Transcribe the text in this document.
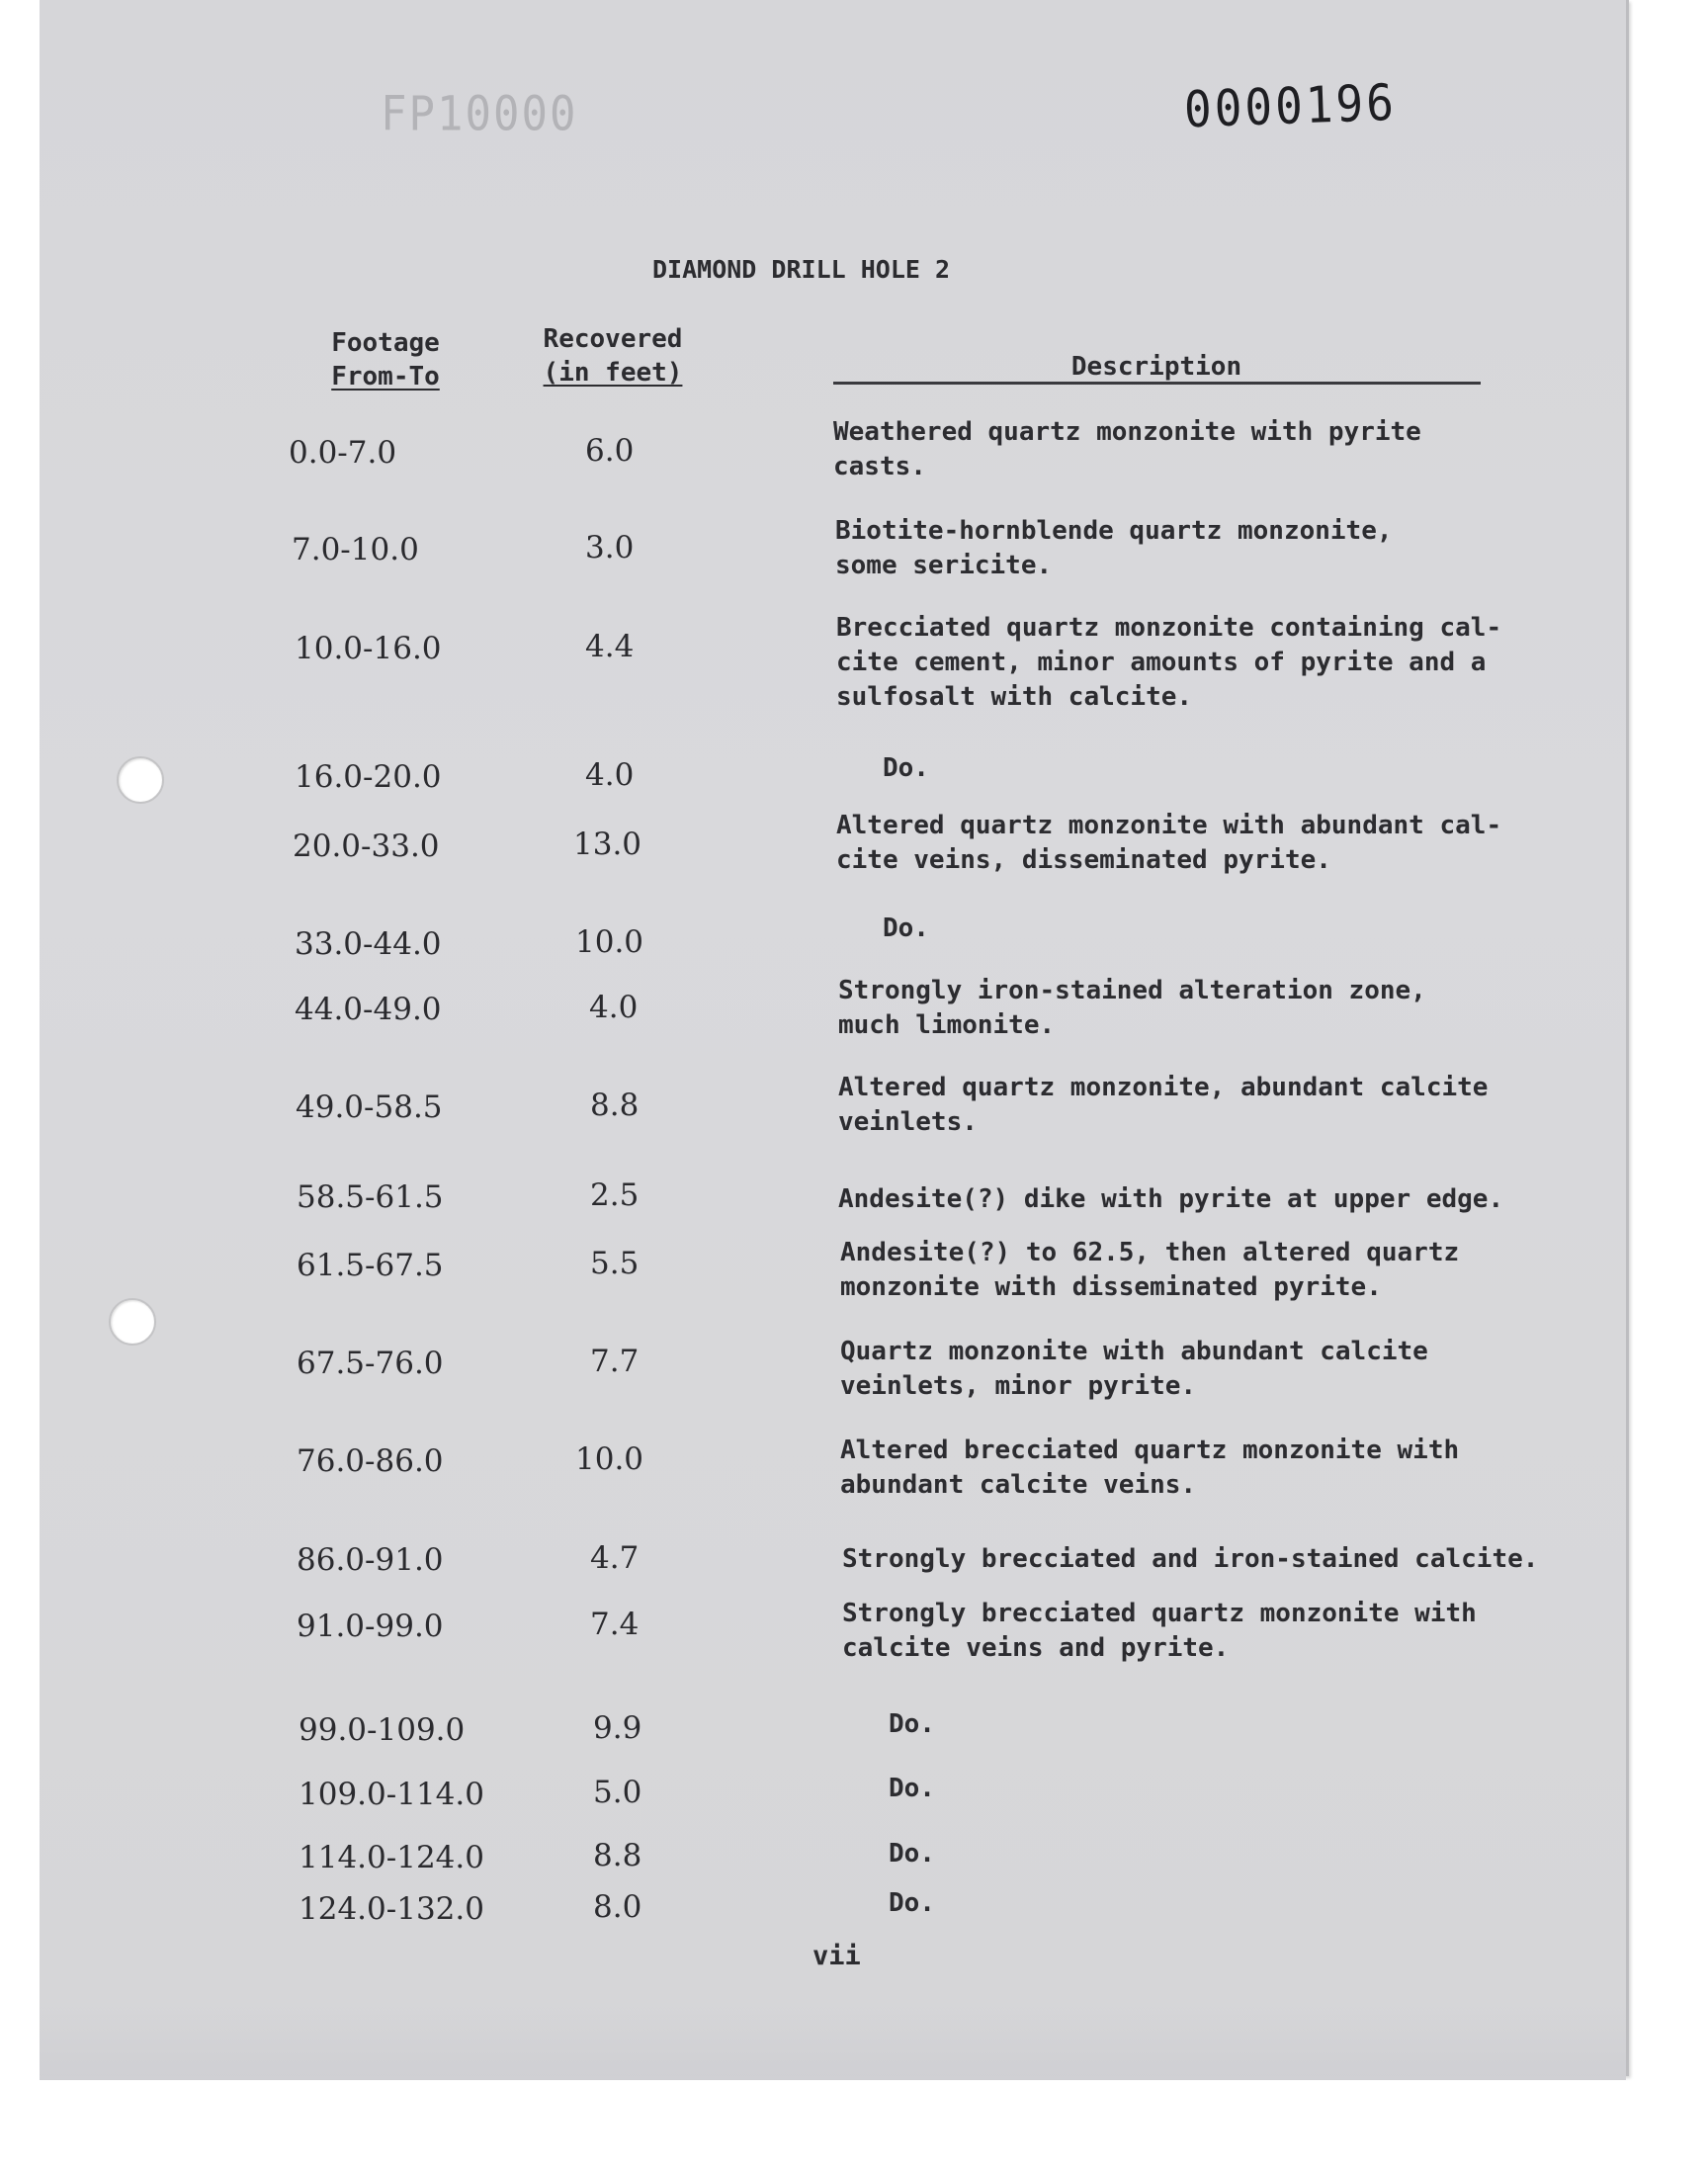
FP10000	0000196
DIAMOND DRILL HOLE 2
Footage
From-To
Recovered
(in feet)	Description
0.0-7.0	6.0
Weathered quartz monzonite with pyrite
casts.
7.0-10.0	3.0	Biotite-hornblende quartz monzonite,
some sericite.
10.0-16.0	4.4
Brecciated quartz monzonite containing cal-
cite cement, minor amounts of pyrite and a
sulfosalt with calcite.
16.0-20.0	4.0	Do.
20.0-33.0	13.0
Altered quartz monzonite with abundant cal-
cite veins, disseminated pyrite.
33.0-44.0	10.0	Do.
44.0-49.0	4.0	Strongly iron-stained alteration zone,
much limonite.
49.0-58.5	8.8	Altered quartz monzonite, abundant calcite
veinlets.
58.5-61.5	2.5	Andesite(?) dike with pyrite at upper edge.
61.5-67.5	5.5	Andesite(?) to 62.5, then altered quartz
monzonite with disseminated pyrite.
67.5-76.0	7.7	Quartz monzonite with abundant calcite
veinlets, minor pyrite.
76.0-86.0	10.0	Altered brecciated quartz monzonite with
abundant calcite veins.
86.0-91.0	4.7	Strongly brecciated and iron-stained calcite.
91.0-99.0	7.4	Strongly brecciated quartz monzonite with
calcite veins and pyrite.
99.0-109.0	9.9	Do.
109.0-114.0	5.0	Do.
114.0-124.0	8.8	Do.
124.0-132.0	8.0	Do.
vii
